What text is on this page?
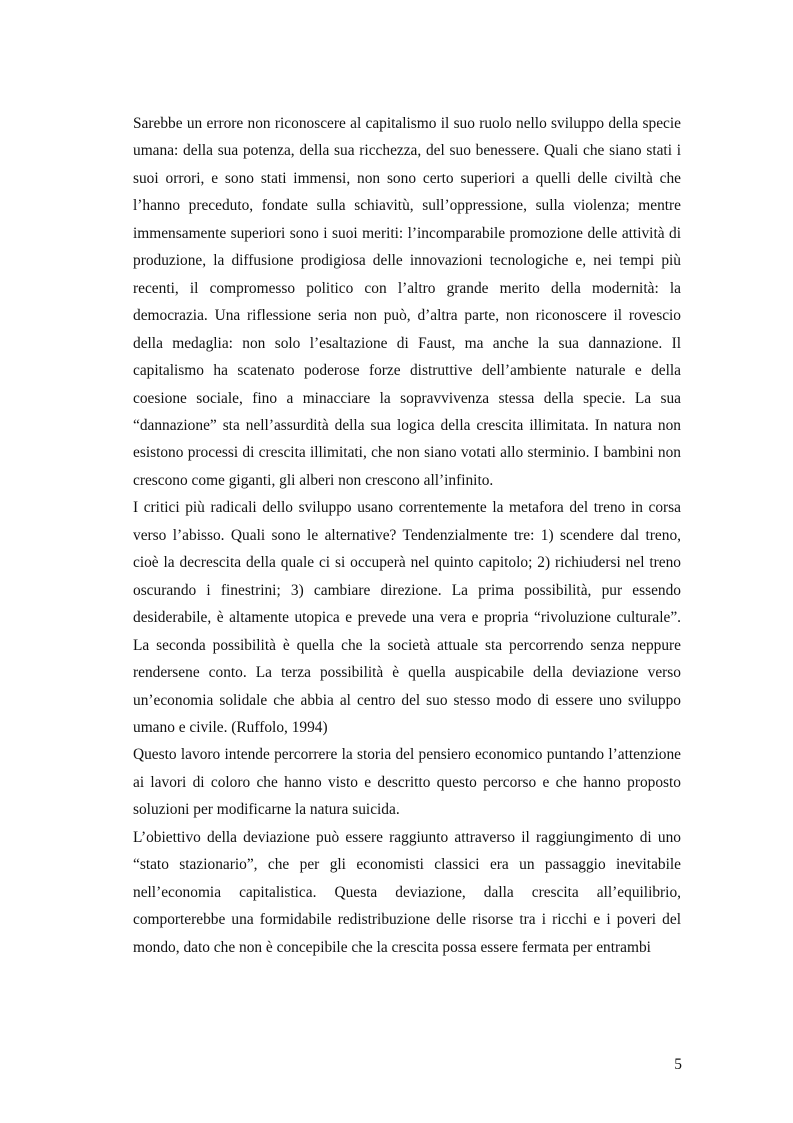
Sarebbe un errore non riconoscere al capitalismo il suo ruolo nello sviluppo della specie umana: della sua potenza, della sua ricchezza, del suo benessere. Quali che siano stati i suoi orrori, e sono stati immensi, non sono certo superiori a quelli delle civiltà che l’hanno preceduto, fondate sulla schiavitù, sull’oppressione, sulla violenza; mentre immensamente superiori sono i suoi meriti: l’incomparabile promozione delle attività di produzione, la diffusione prodigiosa delle innovazioni tecnologiche e, nei tempi più recenti, il compromesso politico con l’altro grande merito della modernità: la democrazia. Una riflessione seria non può, d’altra parte, non riconoscere il rovescio della medaglia: non solo l’esaltazione di Faust, ma anche la sua dannazione. Il capitalismo ha scatenato poderose forze distruttive dell’ambiente naturale e della coesione sociale, fino a minacciare la sopravvivenza stessa della specie. La sua “dannazione” sta nell’assurdità della sua logica della crescita illimitata. In natura non esistono processi di crescita illimitati, che non siano votati allo sterminio. I bambini non crescono come giganti, gli alberi non crescono all’infinito.

I critici più radicali dello sviluppo usano correntemente la metafora del treno in corsa verso l’abisso. Quali sono le alternative? Tendenzialmente tre: 1) scendere dal treno, cioè la decrescita della quale ci si occuperà nel quinto capitolo; 2) richiudersi nel treno oscurando i finestrini; 3) cambiare direzione. La prima possibilità, pur essendo desiderabile, è altamente utopica e prevede una vera e propria “rivoluzione culturale”. La seconda possibilità è quella che la società attuale sta percorrendo senza neppure rendersene conto. La terza possibilità è quella auspicabile della deviazione verso un’economia solidale che abbia al centro del suo stesso modo di essere uno sviluppo umano e civile. (Ruffolo, 1994)

Questo lavoro intende percorrere la storia del pensiero economico puntando l’attenzione ai lavori di coloro che hanno visto e descritto questo percorso e che hanno proposto soluzioni per modificarne la natura suicida.

L’obiettivo della deviazione può essere raggiunto attraverso il raggiungimento di uno “stato stazionario”, che per gli economisti classici era un passaggio inevitabile nell’economia capitalistica. Questa deviazione, dalla crescita all’equilibrio, comporterebbe una formidabile redistribuzione delle risorse tra i ricchi e i poveri del mondo, dato che non è concepibile che la crescita possa essere fermata per entrambi

5
